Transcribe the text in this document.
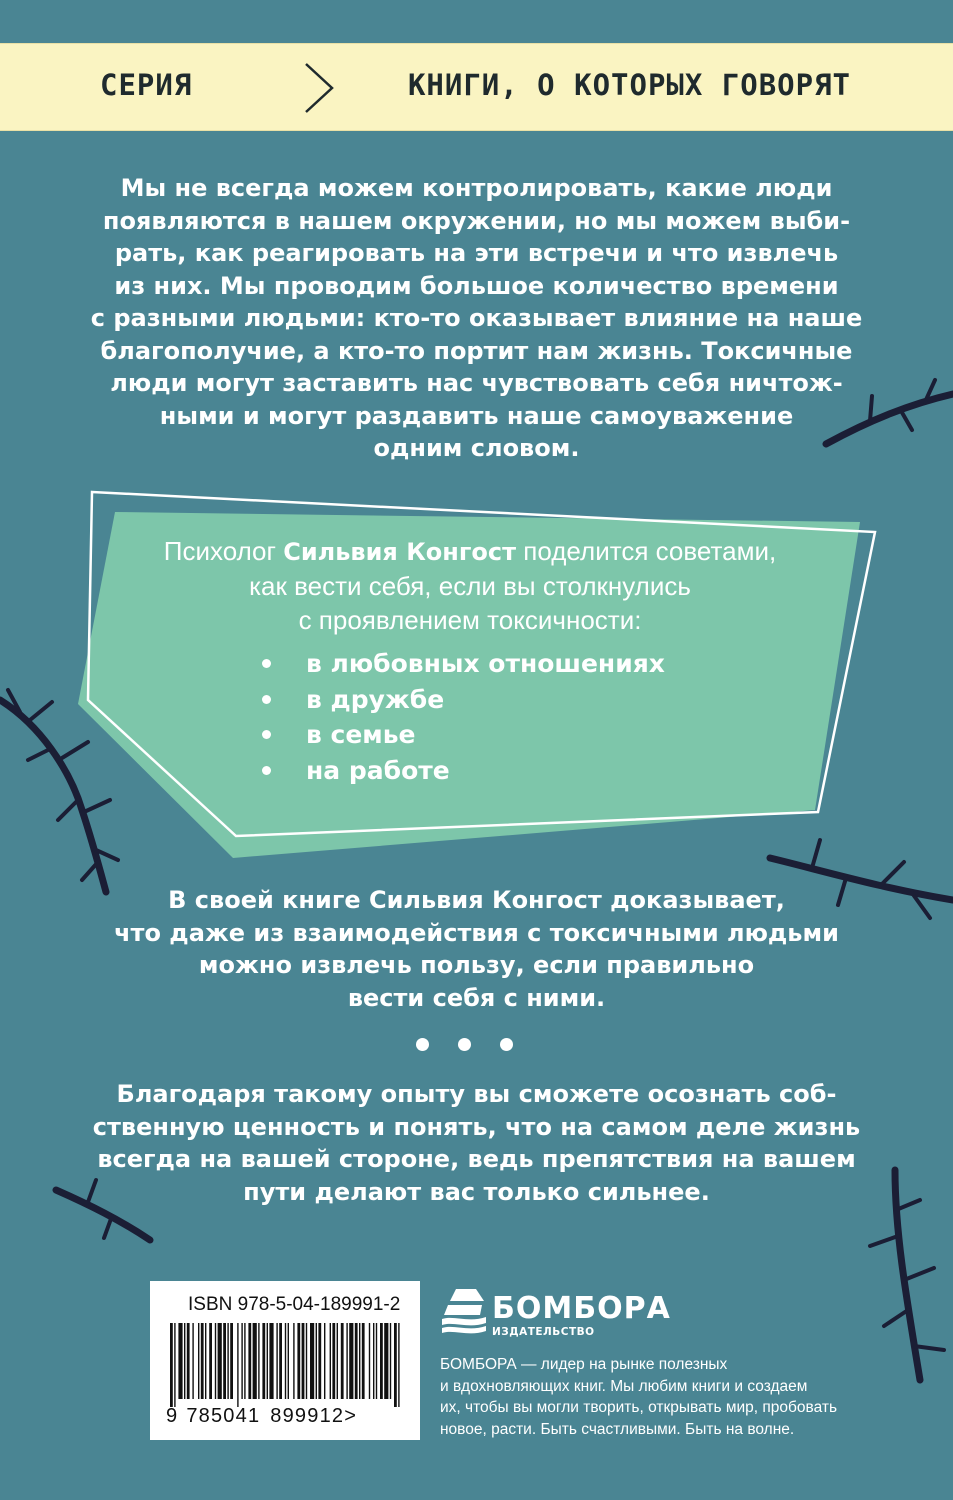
СЕРИЯ	КНИГИ, О КОТОРЫХ ГОВОРЯТ
Мы не всегда можем контролировать, какие люди
появляются в нашем окружении, но мы можем выби-
рать, как реагировать на эти встречи и что извлечь
из них. Мы проводим большое количество времени
с разными людьми: кто-то оказывает влияние на наше
благополучие, а кто-то портит нам жизнь. Токсичные
люди могут заставить нас чувствовать себя ничтож-
ными и могут раздавить наше самоуважение
одним словом.
Психолог Сильвия Конгост поделится советами,
как вести себя, если вы столкнулись
с проявлением токсичности:
в любовных отношениях
в дружбе
в семье
на работе
В своей книге Сильвия Конгост доказывает,
что даже из взаимодействия с токсичными людьми
можно извлечь пользу, если правильно
вести себя с ними.
Благодаря такому опыту вы сможете осознать соб-
ственную ценность и понять, что на самом деле жизнь
всегда на вашей стороне, ведь препятствия на вашем
пути делают вас только сильнее.
ISBN 978-5-04-189991-2
9 785041 899912>
БОМБОРА
ИЗДАТЕЛЬСТВО
БОМБОРА — лидер на рынке полезных
и вдохновляющих книг. Мы любим книги и создаем
их, чтобы вы могли творить, открывать мир, пробовать
новое, расти. Быть счастливыми. Быть на волне.
